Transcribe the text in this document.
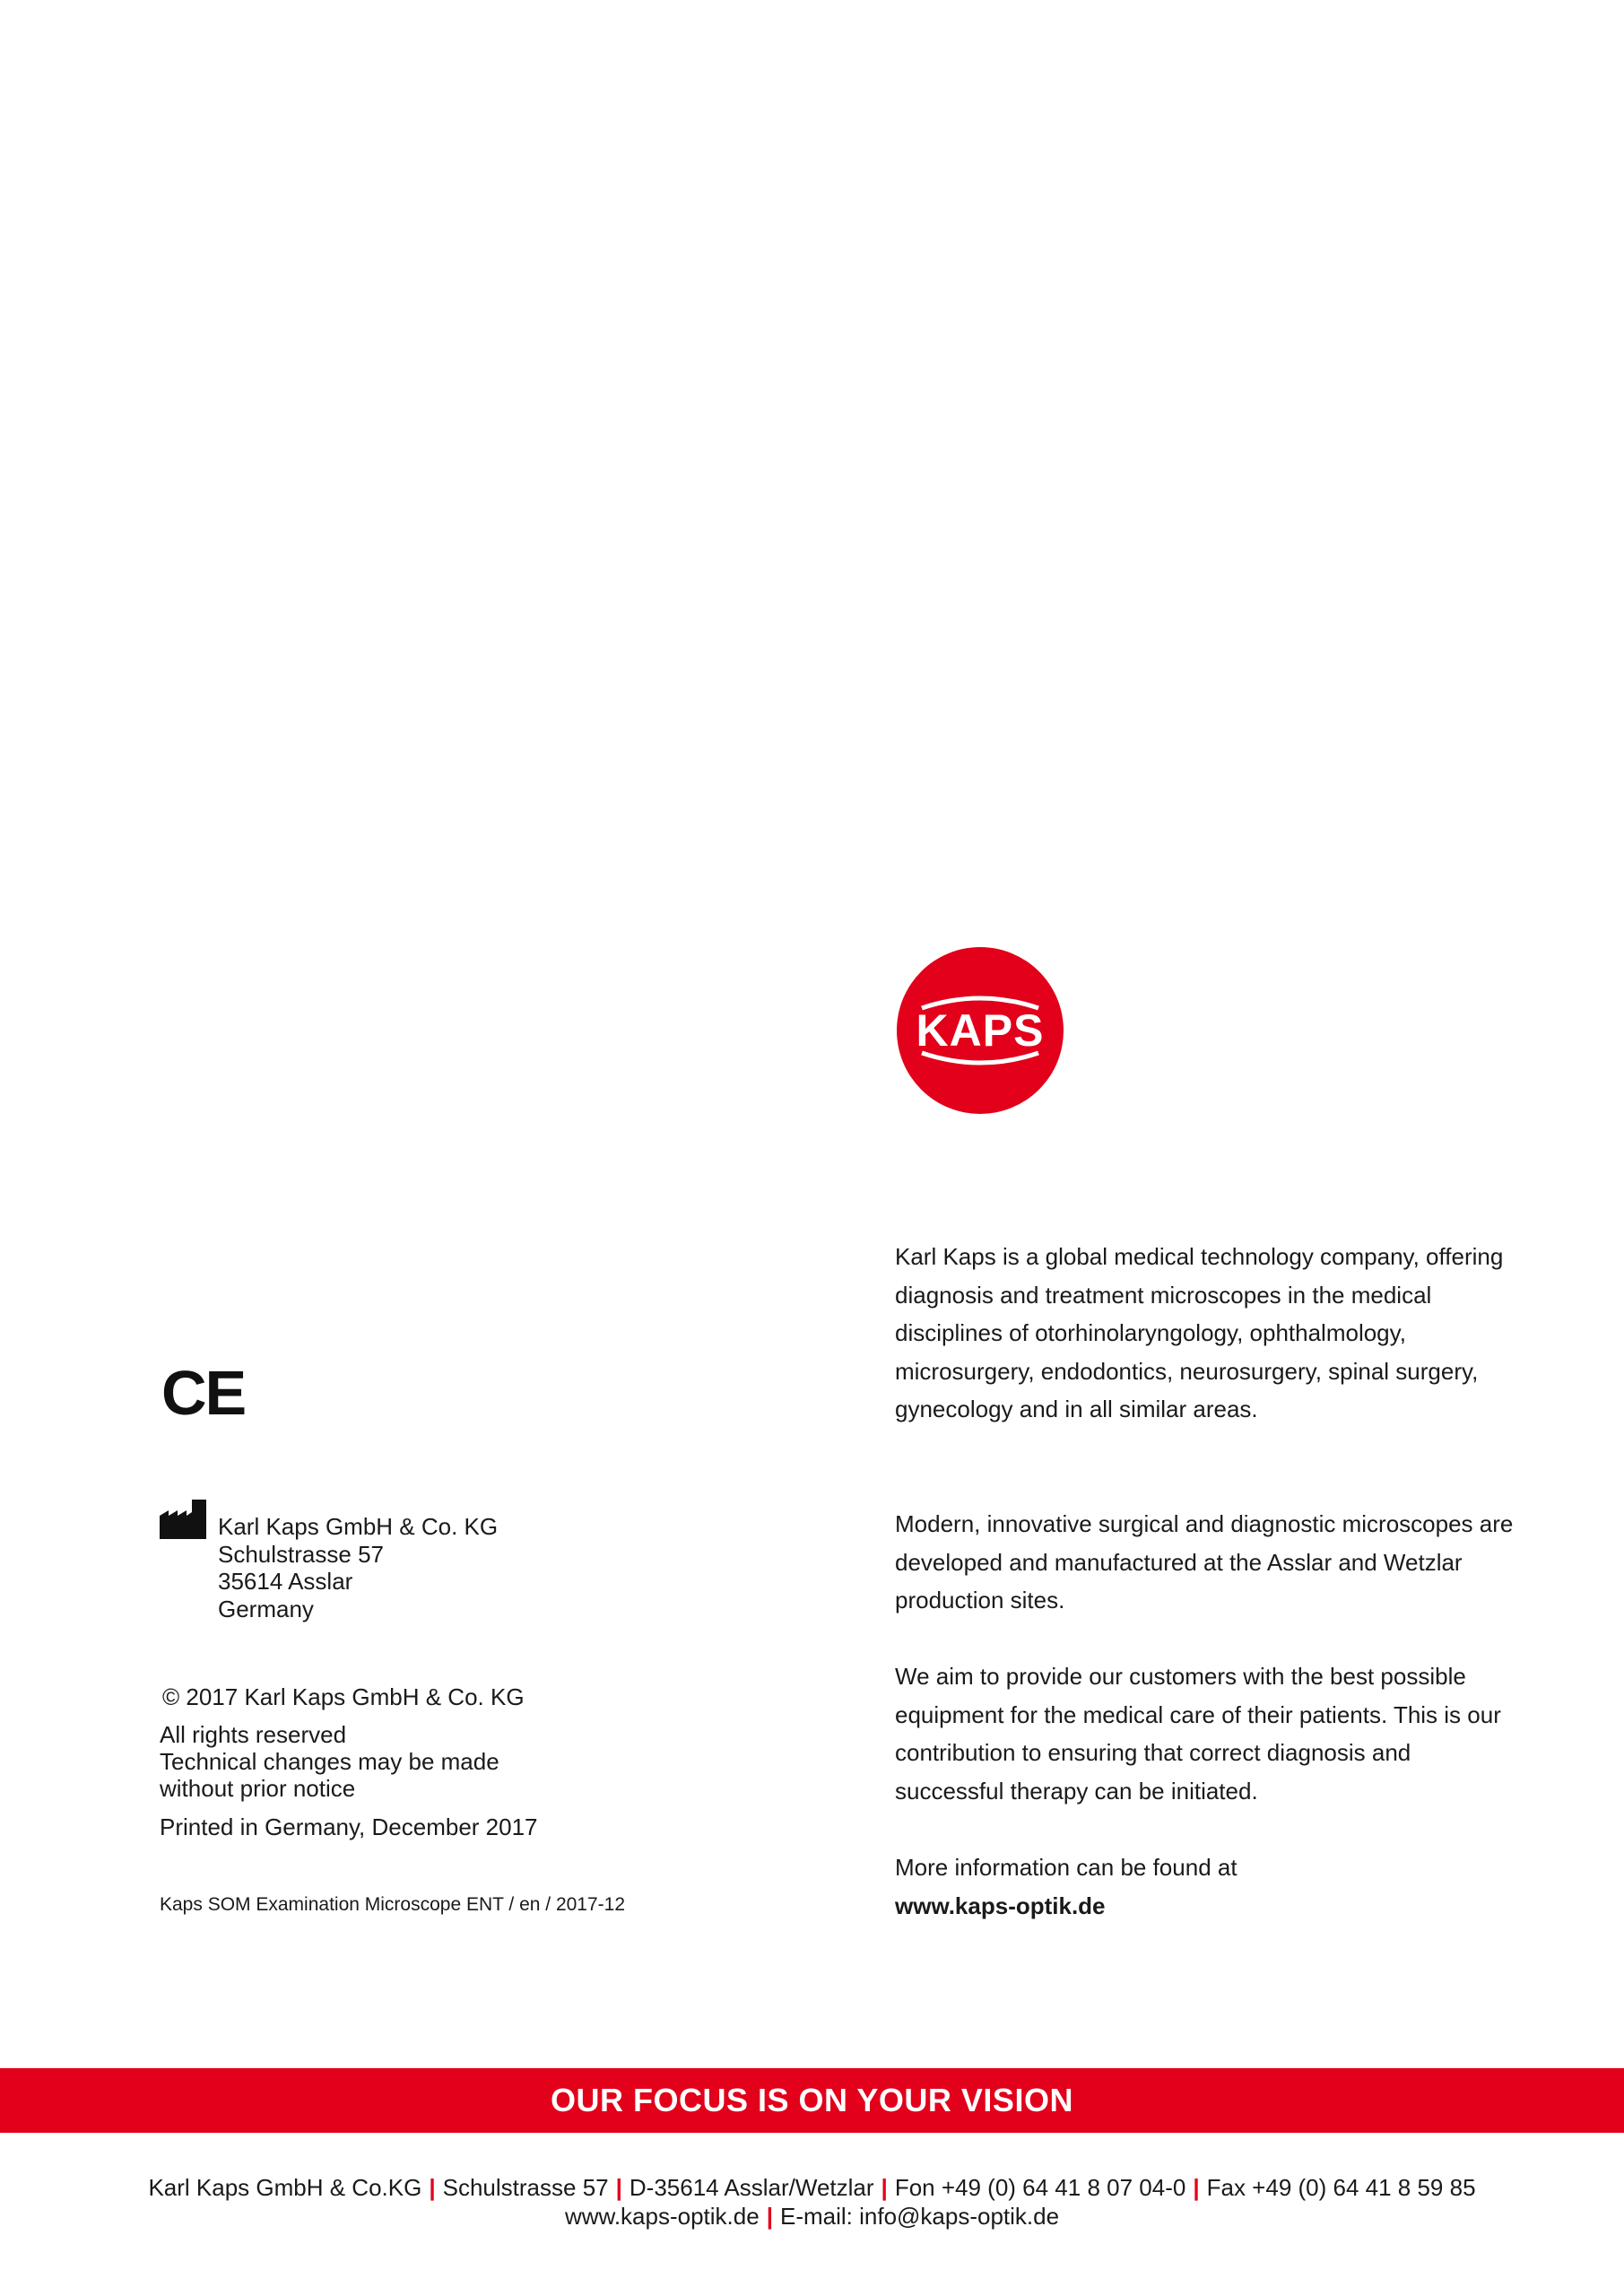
KAPS

Karl Kaps is a global medical technology company, offering diagnosis and treatment microscopes in the medical disciplines of otorhinolaryngology, ophthalmology, microsurgery, endodontics, neurosurgery, spinal surgery, gynecology and in all similar areas.

Modern, innovative surgical and diagnostic microscopes are developed and manufactured at the Asslar and Wetzlar production sites.

We aim to provide our customers with the best possible equipment for the medical care of their patients. This is our contribution to ensuring that correct diagnosis and successful therapy can be initiated.

More information can be found at

www.kaps-optik.de

CE
Karl Kaps GmbH & Co. KG
Schulstrasse 57
35614 Asslar
Germany
© 2017 Karl Kaps GmbH & Co. KG
All rights reserved
Technical changes may be made
without prior notice
Printed in Germany, December 2017
Kaps SOM Examination Microscope ENT / en / 2017-12
OUR FOCUS IS ON YOUR VISION
Karl Kaps GmbH & Co.KG | Schulstrasse 57 | D-35614 Asslar/Wetzlar | Fon +49 (0) 64 41 8 07 04-0 | Fax +49 (0) 64 41 8 59 85
www.kaps-optik.de | E-mail: info@kaps-optik.de
